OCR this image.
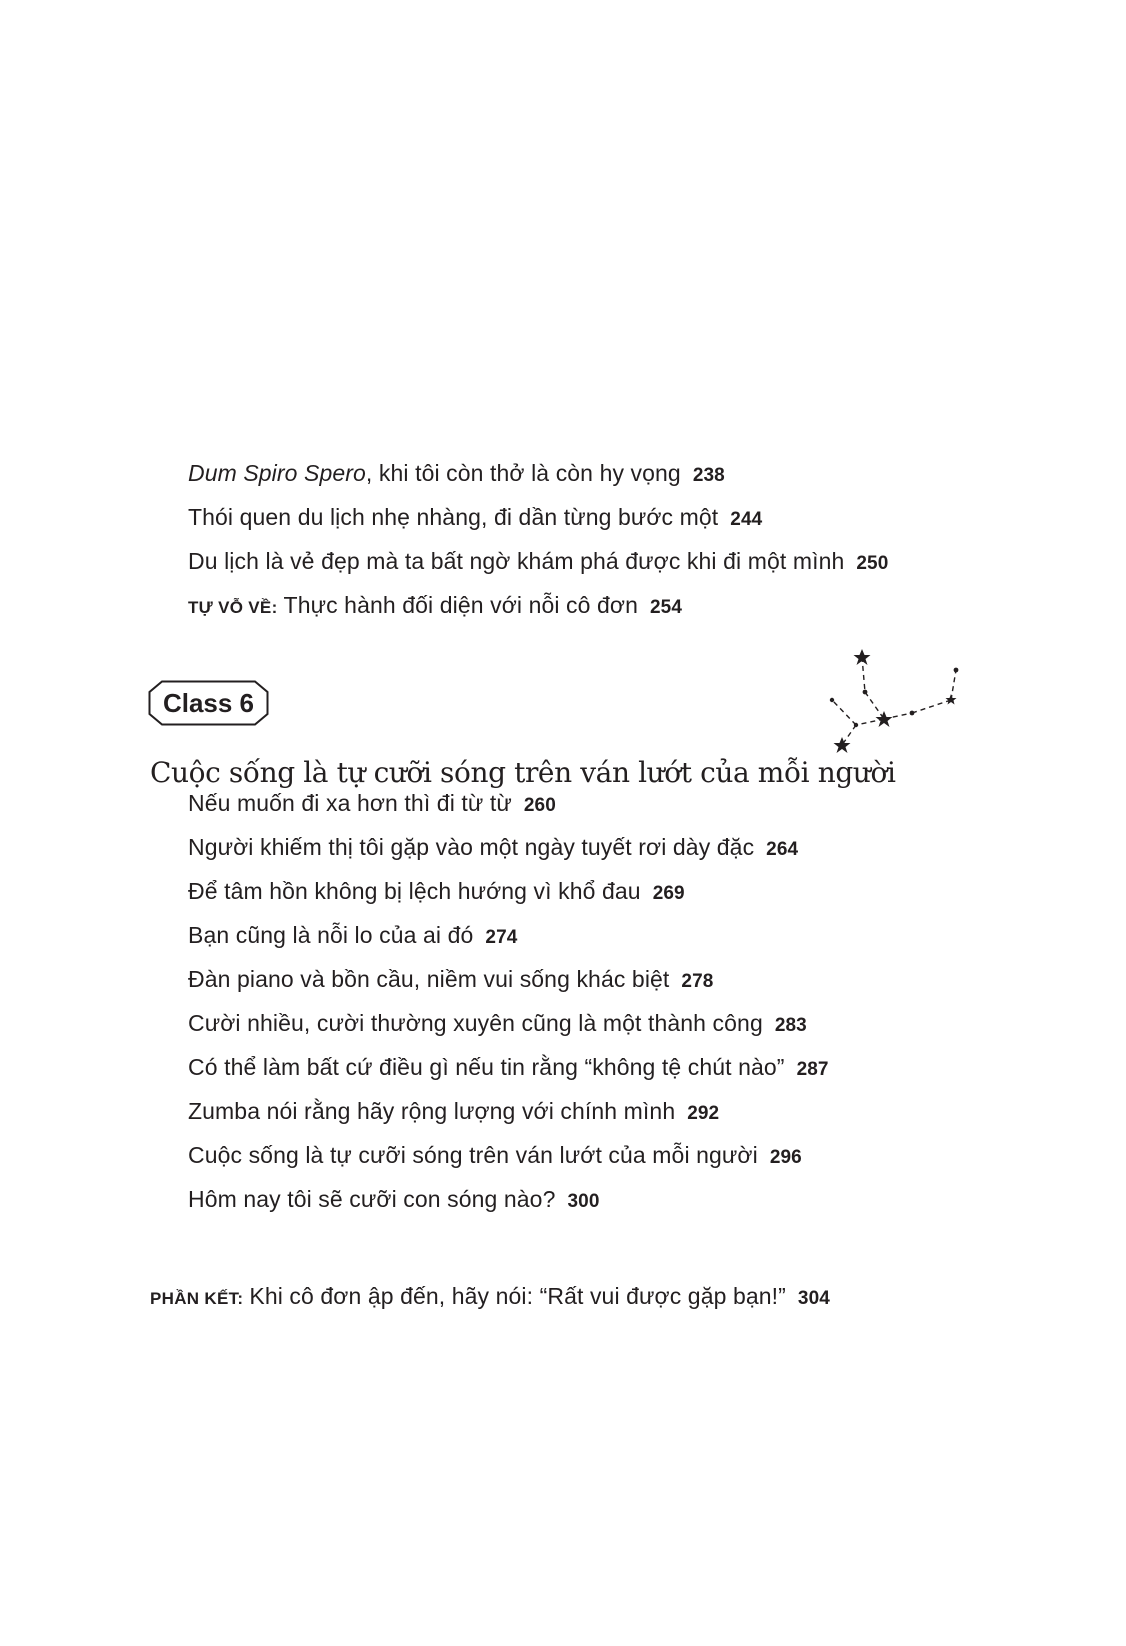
Dum Spiro Spero, khi tôi còn thở là còn hy vọng 238
Thói quen du lịch nhẹ nhàng, đi dần từng bước một 244
Du lịch là vẻ đẹp mà ta bất ngờ khám phá được khi đi một mình 250
TỰ VỖ VỀ: Thực hành đối diện với nỗi cô đơn 254
Class 6
Cuộc sống là tự cưỡi sóng trên ván lướt của mỗi người
Nếu muốn đi xa hơn thì đi từ từ 260
Người khiếm thị tôi gặp vào một ngày tuyết rơi dày đặc 264
Để tâm hồn không bị lệch hướng vì khổ đau 269
Bạn cũng là nỗi lo của ai đó 274
Đàn piano và bồn cầu, niềm vui sống khác biệt 278
Cười nhiều, cười thường xuyên cũng là một thành công 283
Có thể làm bất cứ điều gì nếu tin rằng “không tệ chút nào” 287
Zumba nói rằng hãy rộng lượng với chính mình 292
Cuộc sống là tự cưỡi sóng trên ván lướt của mỗi người 296
Hôm nay tôi sẽ cưỡi con sóng nào? 300
PHẦN KẾT: Khi cô đơn ập đến, hãy nói: “Rất vui được gặp bạn!” 304
